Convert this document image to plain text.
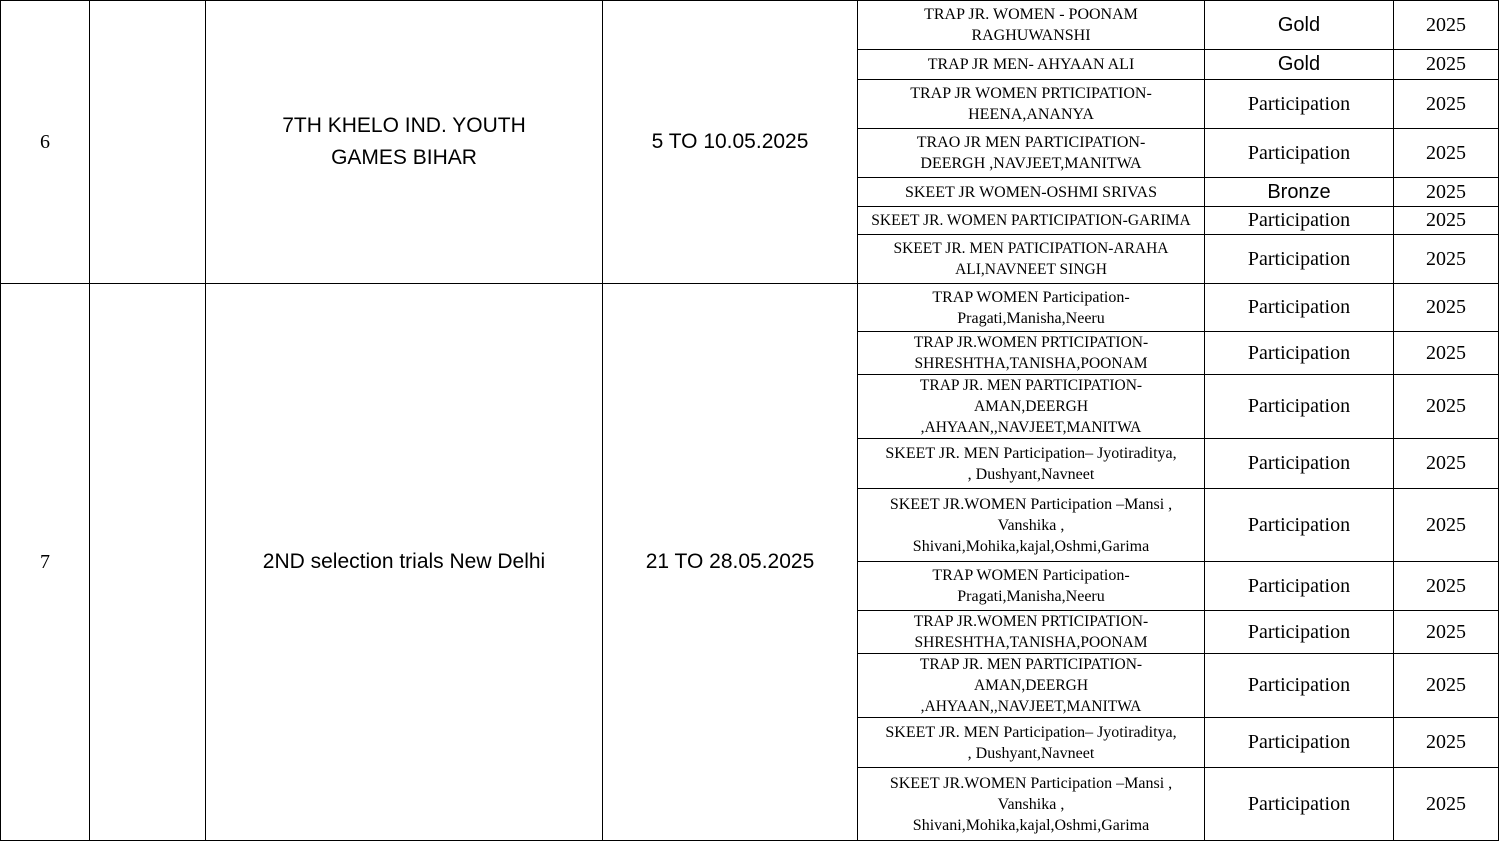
6		7TH KHELO IND. YOUTH GAMES BIHAR	5 TO 10.05.2025	TRAP JR. WOMEN - POONAM
RAGHUWANSHI	Gold	2025

				TRAP JR MEN- AHYAAN ALI	Gold	2025

				TRAP JR WOMEN PRTICIPATION-
HEENA,ANANYA	Participation	2025

				TRAO JR MEN PARTICIPATION-
DEERGH ,NAVJEET,MANITWA	Participation	2025

				SKEET JR WOMEN-OSHMI SRIVAS	Bronze	2025

				SKEET JR. WOMEN PARTICIPATION-GARIMA	Participation	2025

				SKEET JR. MEN PATICIPATION-ARAHA
ALI,NAVNEET SINGH	Participation	2025
7		2ND selection trials New Delhi	21 TO 28.05.2025	TRAP WOMEN Participation-
Pragati,Manisha,Neeru	Participation	2025

				TRAP JR.WOMEN PRTICIPATION-
SHRESHTHA,TANISHA,POONAM	Participation	2025

				TRAP JR. MEN PARTICIPATION-
AMAN,DEERGH
,AHYAAN,,NAVJEET,MANITWA	Participation	2025

				SKEET JR. MEN Participation– Jyotiraditya,
, Dushyant,Navneet	Participation	2025

				SKEET JR.WOMEN Participation –Mansi ,
Vanshika ,
Shivani,Mohika,kajal,Oshmi,Garima	Participation	2025

				TRAP WOMEN Participation-
Pragati,Manisha,Neeru	Participation	2025

				TRAP JR.WOMEN PRTICIPATION-
SHRESHTHA,TANISHA,POONAM	Participation	2025

				TRAP JR. MEN PARTICIPATION-
AMAN,DEERGH
,AHYAAN,,NAVJEET,MANITWA	Participation	2025

				SKEET JR. MEN Participation– Jyotiraditya,
, Dushyant,Navneet	Participation	2025

				SKEET JR.WOMEN Participation –Mansi ,
Vanshika ,
Shivani,Mohika,kajal,Oshmi,Garima	Participation	2025
